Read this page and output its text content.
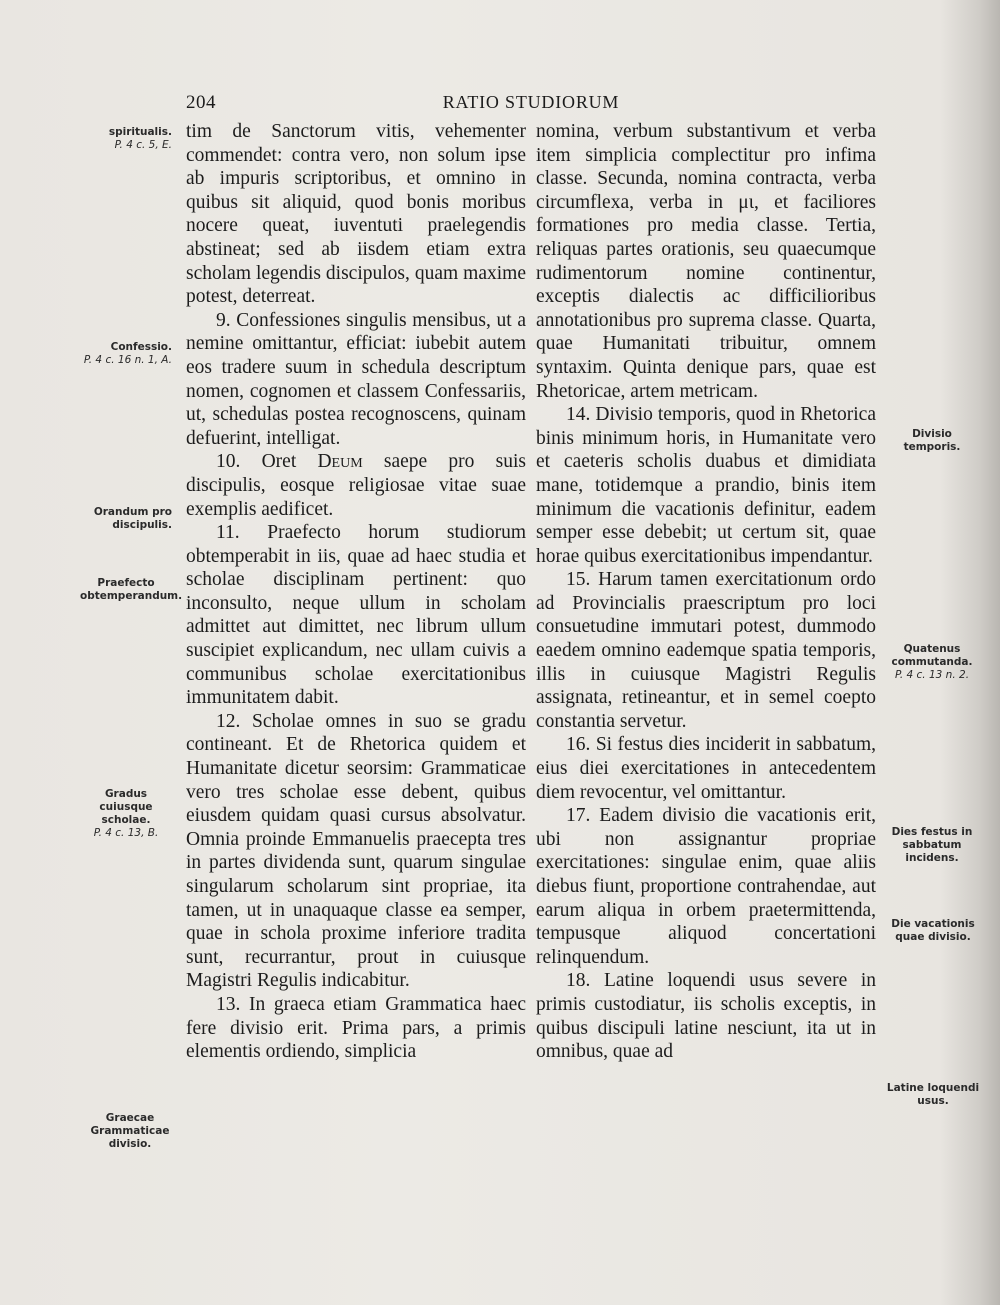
204	RATIO STUDIORUM
spiritualis.
P. 4 c. 5, E.
Confessio.
P. 4 c. 16 n. 1, A.
Orandum pro discipulis.
Praefecto obtemperandum.
Gradus cuiusque scholae.
P. 4 c. 13, B.
Graecae Grammaticae divisio.

tim de Sanctorum vitis, vehementer commendet: contra vero, non solum ipse ab impuris scriptoribus, et omnino in quibus sit aliquid, quod bonis moribus nocere queat, iuventuti praelegendis abstineat; sed ab iisdem etiam extra scholam legendis discipulos, quam maxime potest, deterreat.

9. Confessiones singulis mensibus, ut a nemine omittantur, efficiat: iubebit autem eos tradere suum in schedula descriptum nomen, cognomen et classem Confessariis, ut, schedulas postea recognoscens, quinam defuerint, intelligat.

10. Oret Deum saepe pro suis discipulis, eosque religiosae vitae suae exemplis aedificet.

11. Praefecto horum studiorum obtemperabit in iis, quae ad haec studia et scholae disciplinam pertinent: quo inconsulto, neque ullum in scholam admittet aut dimittet, nec librum ullum suscipiet explicandum, nec ullam cuivis a communibus scholae exercitationibus immunitatem dabit.

12. Scholae omnes in suo se gradu contineant. Et de Rhetorica quidem et Humanitate dicetur seorsim: Grammaticae vero tres scholae esse debent, quibus eiusdem quidam quasi cursus absolvatur. Omnia proinde Emmanuelis praecepta tres in partes dividenda sunt, quarum singulae singularum scholarum sint propriae, ita tamen, ut in unaquaque classe ea semper, quae in schola proxime inferiore tradita sunt, recurrantur, prout in cuiusque Magistri Regulis indicabitur.

13. In graeca etiam Grammatica haec fere divisio erit. Prima pars, a primis elementis ordiendo, simplicia

nomina, verbum substantivum et verba item simplicia complectitur pro infima classe. Secunda, nomina contracta, verba circumflexa, verba in μι, et faciliores formationes pro media classe. Tertia, reliquas partes orationis, seu quaecumque rudimentorum nomine continentur, exceptis dialectis ac difficilioribus annotationibus pro suprema classe. Quarta, quae Humanitati tribuitur, omnem syntaxim. Quinta denique pars, quae est Rhetoricae, artem metricam.

14. Divisio temporis, quod in Rhetorica binis minimum horis, in Humanitate vero et caeteris scholis duabus et dimidiata mane, totidemque a prandio, binis item minimum die vacationis definitur, eadem semper esse debebit; ut certum sit, quae horae quibus exercitationibus impendantur.

15. Harum tamen exercitationum ordo ad Provincialis praescriptum pro loci consuetudine immutari potest, dummodo eaedem omnino eademque spatia temporis, illis in cuiusque Magistri Regulis assignata, retineantur, et in semel coepto constantia servetur.

16. Si festus dies inciderit in sabbatum, eius diei exercitationes in antecedentem diem revocentur, vel omittantur.

17. Eadem divisio die vacationis erit, ubi non assignantur propriae exercitationes: singulae enim, quae aliis diebus fiunt, proportione contrahendae, aut earum aliqua in orbem praetermittenda, tempusque aliquod concertationi relinquendum.

18. Latine loquendi usus severe in primis custodiatur, iis scholis exceptis, in quibus discipuli latine nesciunt, ita ut in omnibus, quae ad

Divisio temporis.
Quatenus commutanda.
P. 4 c. 13 n. 2.
Dies festus in sabbatum incidens.
Die vacationis quae divisio.
Latine loquendi usus.
